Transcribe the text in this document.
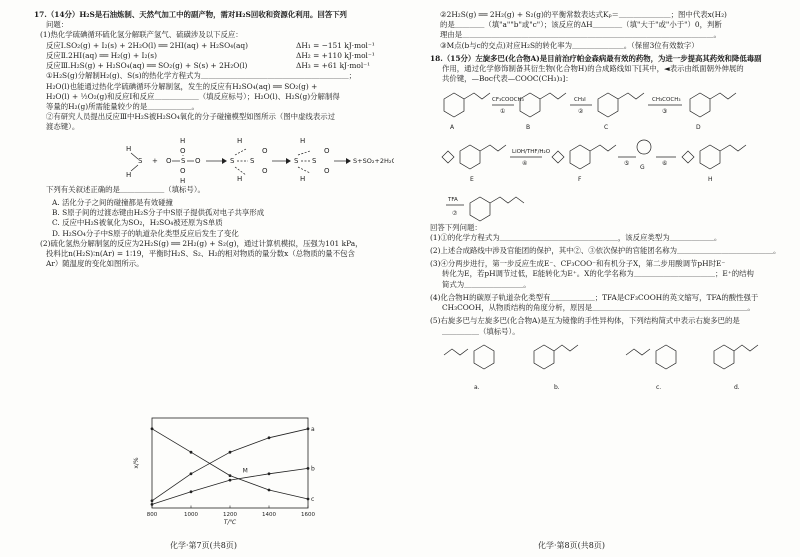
17.（14分）H₂S是石油炼制、天然气加工中的副产物，需对H₂S回收和资源化利用。回答下列

问题：

(1)热化学硫碘循环硫化氢分解联产氢气、硫磺涉及以下反应：

反应Ⅰ.SO₂(g) + I₂(s) + 2H₂O(l) ══ 2HI(aq) + H₂SO₄(aq)	ΔH₁ = −151 kJ·mol⁻¹
反应Ⅱ.2HI(aq) ══ H₂(g) + I₂(s)	ΔH₂ = +110 kJ·mol⁻¹
反应Ⅲ.H₂S(g) + H₂SO₄(aq) ══ SO₂(g) + S(s) + 2H₂O(l)	ΔH₃ = +61 kJ·mol⁻¹

①H₂S(g)分解制H₂(g)、S(s)的热化学方程式为＿＿＿＿＿＿＿＿＿＿＿＿＿＿＿＿＿＿＿＿；

H₂O(l)也能通过热化学硫碘循环分解制氢，发生的反应有H₂SO₄(aq) ══ SO₂(g) +

H₂O(l) + ½O₂(g)和反应Ⅰ和反应＿＿＿＿＿＿（填反应标号）；H₂O(l)、H₂S(g)分解制得

等量的H₂(g)所需能量较少的是＿＿＿＿＿＿。

②有研究人员提出反应Ⅲ中H₂S被H₂SO₄氧化的分子碰撞模型如图所示（图中虚线表示过

渡态键）。

H
S
H
+
H
O
O S O
O
H
H
S S
O
O
H
H
S S
O
O
H
S+SO₂+2H₂O

下列有关叙述正确的是＿＿＿＿＿＿（填标号）。

A. 活化分子之间的碰撞都是有效碰撞

B. S原子间的过渡态键由H₂S分子中S原子提供孤对电子共享形成

C. 反应中H₂S被氧化为SO₂，H₂SO₄被还原为S单质

D. H₂SO₄分子中S原子的轨道杂化类型反应后发生了变化

(2)硫化氢热分解制氢的反应为2H₂S(g) ══ 2H₂(g) + S₂(g)，通过计算机模拟，压强为101 kPa，

投料比n(H₂S)∶n(Ar) = 1∶19，平衡时H₂S、S₂、H₂的相对物质的量分数x（总物质的量不包含

Ar）随温度的变化如图所示。

a
b
c
M
800	1000	1200	1400	1600
T/℃
x/%
化学·第7页(共8页)

②2H₂S(g) ══ 2H₂(g) + S₂(g)的平衡常数表达式Kₚ＝＿＿＿＿＿＿＿；图中代表x(H₂)

的是＿＿＿＿（填"a""b"或"c"）；该反应的ΔH＿＿＿＿（填"大于"或"小于"）0，判断

理由是＿＿＿＿＿＿＿＿＿＿＿＿＿＿＿＿＿＿＿＿＿＿＿＿＿＿＿＿＿＿＿＿＿＿。

③M点(b与c的交点)对应H₂S的转化率为＿＿＿＿＿＿＿。（保留3位有效数字）

18.（15分）左旋多巴(化合物A)是目前治疗帕金森病最有效的药物，为进一步提高其药效和降低毒副

作用，通过化学修饰制备其衍生物(化合物H)的合成路线如下[其中，◄表示由纸面朝外伸展的

共价键，—Boc代表—COOC(CH₃)₃]：

A	B	C	D
E	F
G
H
CF₃COOCH₃	CH₃I	CH₃COCH₃
LiOH/THF/H₂O
TFA
①	②	③
④	⑤	⑥
⑦

回答下列问题：

(1)①的化学方程式为＿＿＿＿＿＿＿＿＿＿＿＿＿＿＿＿，该反应类型为＿＿＿＿＿＿。

(2)上述合成路线中涉及官能团的保护，其中②、③依次保护的官能团名称为＿＿＿＿＿＿＿＿＿＿＿＿＿。

(3)④分两步进行，第一步反应生成E⁻、CF₃COO⁻和有机分子X，第二步用酸调节pH时E⁻

转化为E，若pH调节过低，E能转化为E⁺。X的化学名称为＿＿＿＿＿＿＿＿＿＿＿；E⁺的结构

简式为＿＿＿＿＿＿＿＿。

(4)化合物H的碳原子轨道杂化类型有＿＿＿＿＿＿；TFA是CF₃COOH的英文缩写，TFA的酸性强于

CH₃COOH，从物质结构的角度分析，原因是＿＿＿＿＿＿＿＿＿＿＿＿＿＿＿＿＿＿＿＿＿。

(5)右旋多巴与左旋多巴(化合物A)是互为镜像的手性异构体，下列结构简式中表示右旋多巴的是

＿＿＿＿＿（填标号）。

a.	b.	c.	d.
化学·第8页(共8页)
